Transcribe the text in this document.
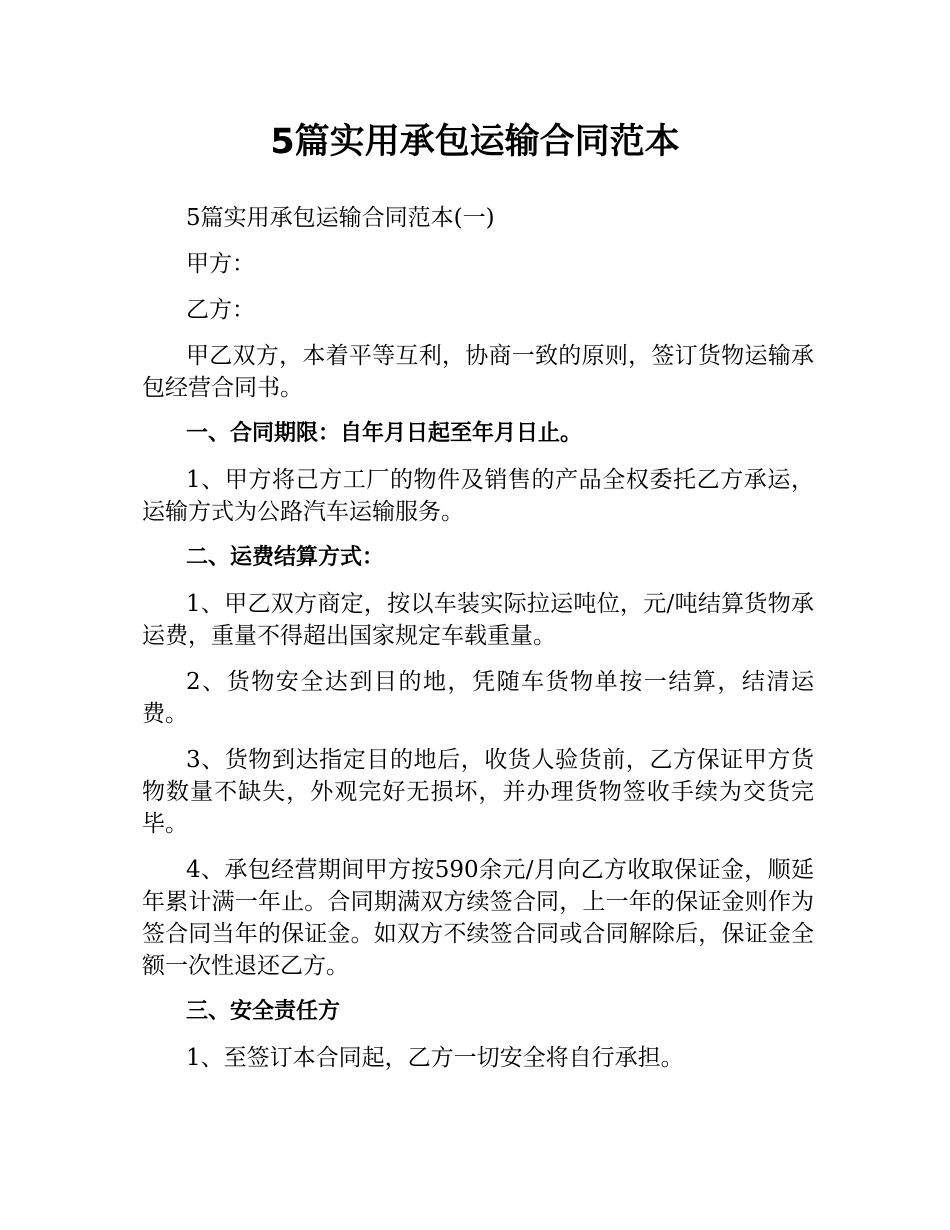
5篇实用承包运输合同范本

5篇实用承包运输合同范本(一)

甲方：

乙方：

甲乙双方，本着平等互利，协商一致的原则，签订货物运输承包经营合同书。

一、合同期限：自年月日起至年月日止。

1、甲方将己方工厂的物件及销售的产品全权委托乙方承运，运输方式为公路汽车运输服务。

二、运费结算方式：

1、甲乙双方商定，按以车装实际拉运吨位，元/吨结算货物承运费，重量不得超出国家规定车载重量。

2、货物安全达到目的地，凭随车货物单按一结算，结清运费。

3、货物到达指定目的地后，收货人验货前，乙方保证甲方货物数量不缺失，外观完好无损坏，并办理货物签收手续为交货完毕。

4、承包经营期间甲方按590余元/月向乙方收取保证金，顺延年累计满一年止。合同期满双方续签合同，上一年的保证金则作为签合同当年的保证金。如双方不续签合同或合同解除后，保证金全额一次性退还乙方。

三、安全责任方

1、至签订本合同起，乙方一切安全将自行承担。
